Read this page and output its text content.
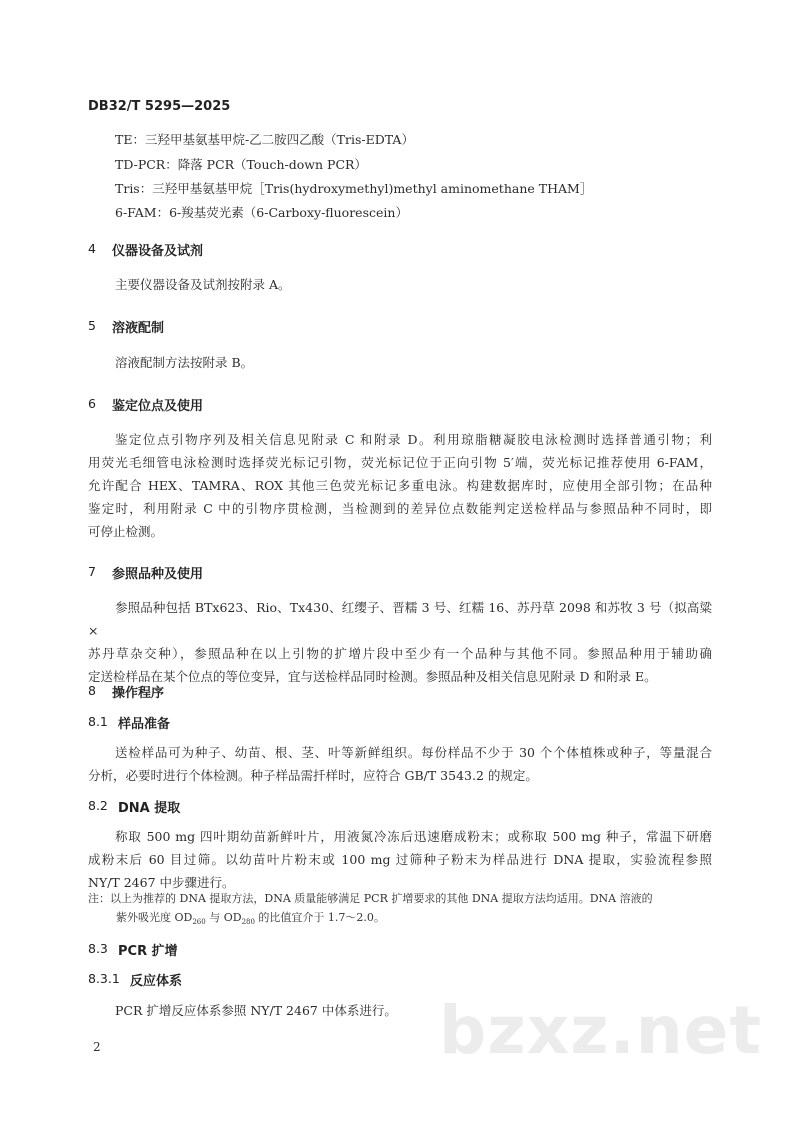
DB32/T 5295—2025
TE：三羟甲基氨基甲烷-乙二胺四乙酸（Tris-EDTA）
TD-PCR：降落 PCR（Touch-down PCR）
Tris：三羟甲基氨基甲烷［Tris(hydroxymethyl)methyl aminomethane THAM］
6-FAM：6-羧基荧光素（6-Carboxy-fluorescein）
4 仪器设备及试剂
主要仪器设备及试剂按附录 A。
5 溶液配制
溶液配制方法按附录 B。
6 鉴定位点及使用

鉴定位点引物序列及相关信息见附录 C 和附录 D。利用琼脂糖凝胶电泳检测时选择普通引物；利

用荧光毛细管电泳检测时选择荧光标记引物，荧光标记位于正向引物 5′端，荧光标记推荐使用 6-FAM，

允许配合 HEX、TAMRA、ROX 其他三色荧光标记多重电泳。构建数据库时，应使用全部引物；在品种

鉴定时，利用附录 C 中的引物序贯检测，当检测到的差异位点数能判定送检样品与参照品种不同时，即

可停止检测。

7 参照品种及使用

参照品种包括 BTx623、Rio、Tx430、红缨子、晋糯 3 号、红糯 16、苏丹草 2098 和苏牧 3 号（拟高粱×

苏丹草杂交种），参照品种在以上引物的扩增片段中至少有一个品种与其他不同。参照品种用于辅助确

定送检样品在某个位点的等位变异，宜与送检样品同时检测。参照品种及相关信息见附录 D 和附录 E。

8 操作程序
8.1 样品准备

送检样品可为种子、幼苗、根、茎、叶等新鲜组织。每份样品不少于 30 个个体植株或种子，等量混合

分析，必要时进行个体检测。种子样品需扦样时，应符合 GB/T 3543.2 的规定。

8.2 DNA 提取

称取 500 mg 四叶期幼苗新鲜叶片，用液氮冷冻后迅速磨成粉末；或称取 500 mg 种子，常温下研磨

成粉末后 60 目过筛。以幼苗叶片粉末或 100 mg 过筛种子粉末为样品进行 DNA 提取，实验流程参照

NY/T 2467 中步骤进行。

注：以上为推荐的 DNA 提取方法，DNA 质量能够满足 PCR 扩增要求的其他 DNA 提取方法均适用。DNA 溶液的

紫外吸光度 $OD_{260}$ 与 $OD_{280}$ 的比值宜介于 1.7～2.0。

8.3 PCR 扩增
8.3.1 反应体系
PCR 扩增反应体系参照 NY/T 2467 中体系进行。
2	bzxz.net
